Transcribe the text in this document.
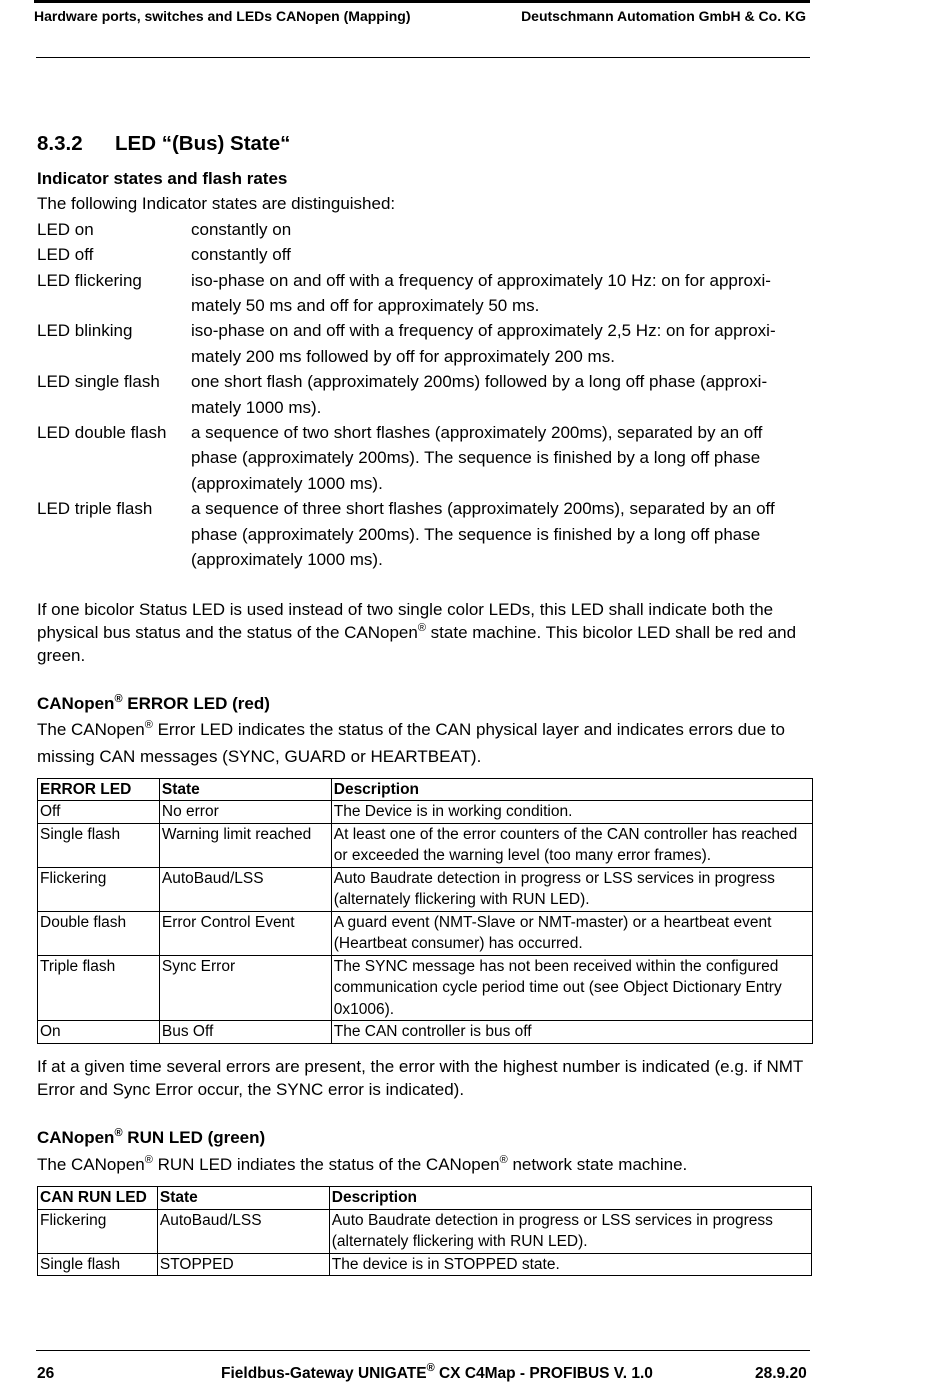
Hardware ports, switches and LEDs CANopen (Mapping)	Deutschmann Automation GmbH & Co. KG
8.3.2 LED “(Bus) State“

Indicator states and flash rates

The following Indicator states are distinguished:

LED on	constantly on
LED off	constantly off
LED flickering	iso-phase on and off with a frequency of approximately 10 Hz: on for approxi-mately 50 ms and off for approximately 50 ms.
LED blinking	iso-phase on and off with a frequency of approximately 2,5 Hz: on for approxi-mately 200 ms followed by off for approximately 200 ms.
LED single flash	one short flash (approximately 200ms) followed by a long off phase (approxi-mately 1000 ms).
LED double flash	a sequence of two short flashes (approximately 200ms), separated by an off phase (approximately 200ms). The sequence is finished by a long off phase (approximately 1000 ms).
LED triple flash	a sequence of three short flashes (approximately 200ms), separated by an off phase (approximately 200ms). The sequence is finished by a long off phase (approximately 1000 ms).

If one bicolor Status LED is used instead of two single color LEDs, this LED shall indicate both the physical bus status and the status of the CANopen® state machine. This bicolor LED shall be red and green.

CANopen® ERROR LED (red)

The CANopen® Error LED indicates the status of the CAN physical layer and indicates errors due to missing CAN messages (SYNC, GUARD or HEARTBEAT).

ERROR LED	State	Description
Off	No error	The Device is in working condition.
Single flash	Warning limit reached	At least one of the error counters of the CAN controller has reached or exceeded the warning level (too many error frames).
Flickering	AutoBaud/LSS	Auto Baudrate detection in progress or LSS services in progress (alternately flickering with RUN LED).
Double flash	Error Control Event	A guard event (NMT-Slave or NMT-master) or a heartbeat event (Heartbeat consumer) has occurred.
Triple flash	Sync Error	The SYNC message has not been received within the configured communication cycle period time out (see Object Dictionary Entry 0x1006).
On	Bus Off	The CAN controller is bus off

If at a given time several errors are present, the error with the highest number is indicated (e.g. if NMT Error and Sync Error occur, the SYNC error is indicated).

CANopen® RUN LED (green)

The CANopen® RUN LED indiates the status of the CANopen® network state machine.

CAN RUN LED	State	Description
Flickering	AutoBaud/LSS	Auto Baudrate detection in progress or LSS services in progress (alternately flickering with RUN LED).
Single flash	STOPPED	The device is in STOPPED state.
26	Fieldbus-Gateway UNIGATE® CX C4Map - PROFIBUS V. 1.0	28.9.20
